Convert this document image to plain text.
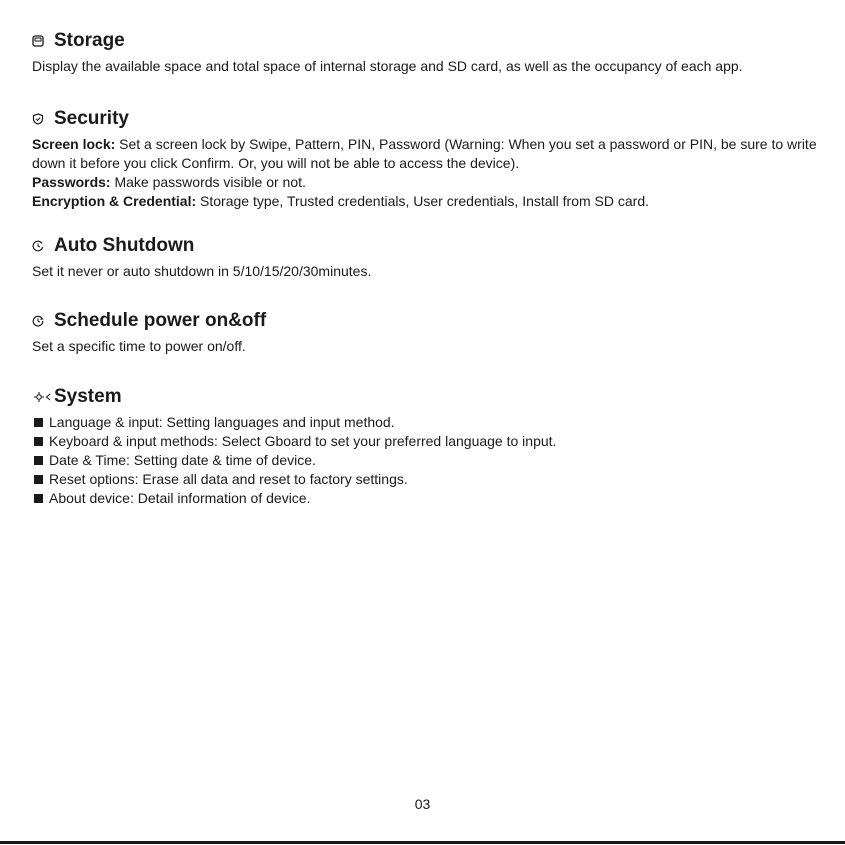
Storage

Display the available space and total space of internal storage and SD card, as well as the occupancy of each app.

Security

Screen lock: Set a screen lock by Swipe, Pattern, PIN, Password (Warning: When you set a password or PIN, be sure to write down it before you click Confirm. Or, you will not be able to access the device).

Passwords: Make passwords visible or not.

Encryption & Credential: Storage type, Trusted credentials, User credentials, Install from SD card.

Auto Shutdown

Set it never or auto shutdown in 5/10/15/20/30minutes.

Schedule power on&off

Set a specific time to power on/off.

System
Language & input: Setting languages and input method.
Keyboard & input methods: Select Gboard to set your preferred language to input.
Date & Time: Setting date & time of device.
Reset options: Erase all data and reset to factory settings.
About device: Detail information of device.
03
